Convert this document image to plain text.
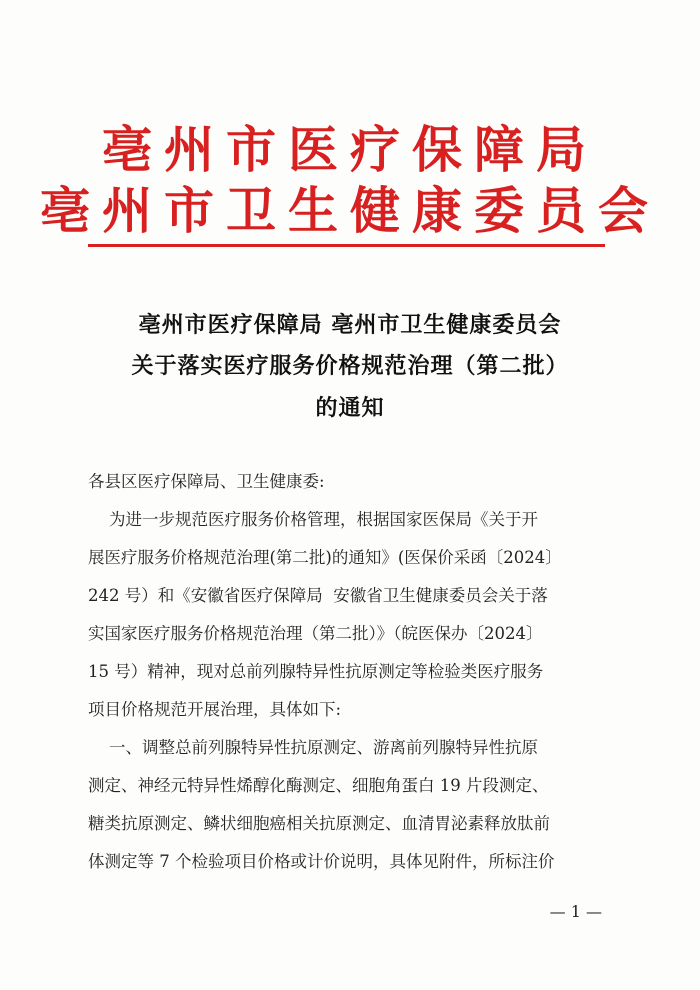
亳州市医疗保障局
亳州市卫生健康委员会
亳州市医疗保障局 亳州市卫生健康委员会
关于落实医疗服务价格规范治理（第二批）
的通知
各县区医疗保障局、卫生健康委:
为进一步规范医疗服务价格管理，根据国家医保局《关于开
展医疗服务价格规范治理(第二批)的通知》(医保价采函〔2024〕
242 号）和《安徽省医疗保障局  安徽省卫生健康委员会关于落
实国家医疗服务价格规范治理（第二批）》（皖医保办〔2024〕
15 号）精神，现对总前列腺特异性抗原测定等检验类医疗服务
项目价格规范开展治理，具体如下:
一、调整总前列腺特异性抗原测定、游离前列腺特异性抗原
测定、神经元特异性烯醇化酶测定、细胞角蛋白 19 片段测定、
糖类抗原测定、鳞状细胞癌相关抗原测定、血清胃泌素释放肽前
体测定等 7 个检验项目价格或计价说明，具体见附件，所标注价
— 1 —
